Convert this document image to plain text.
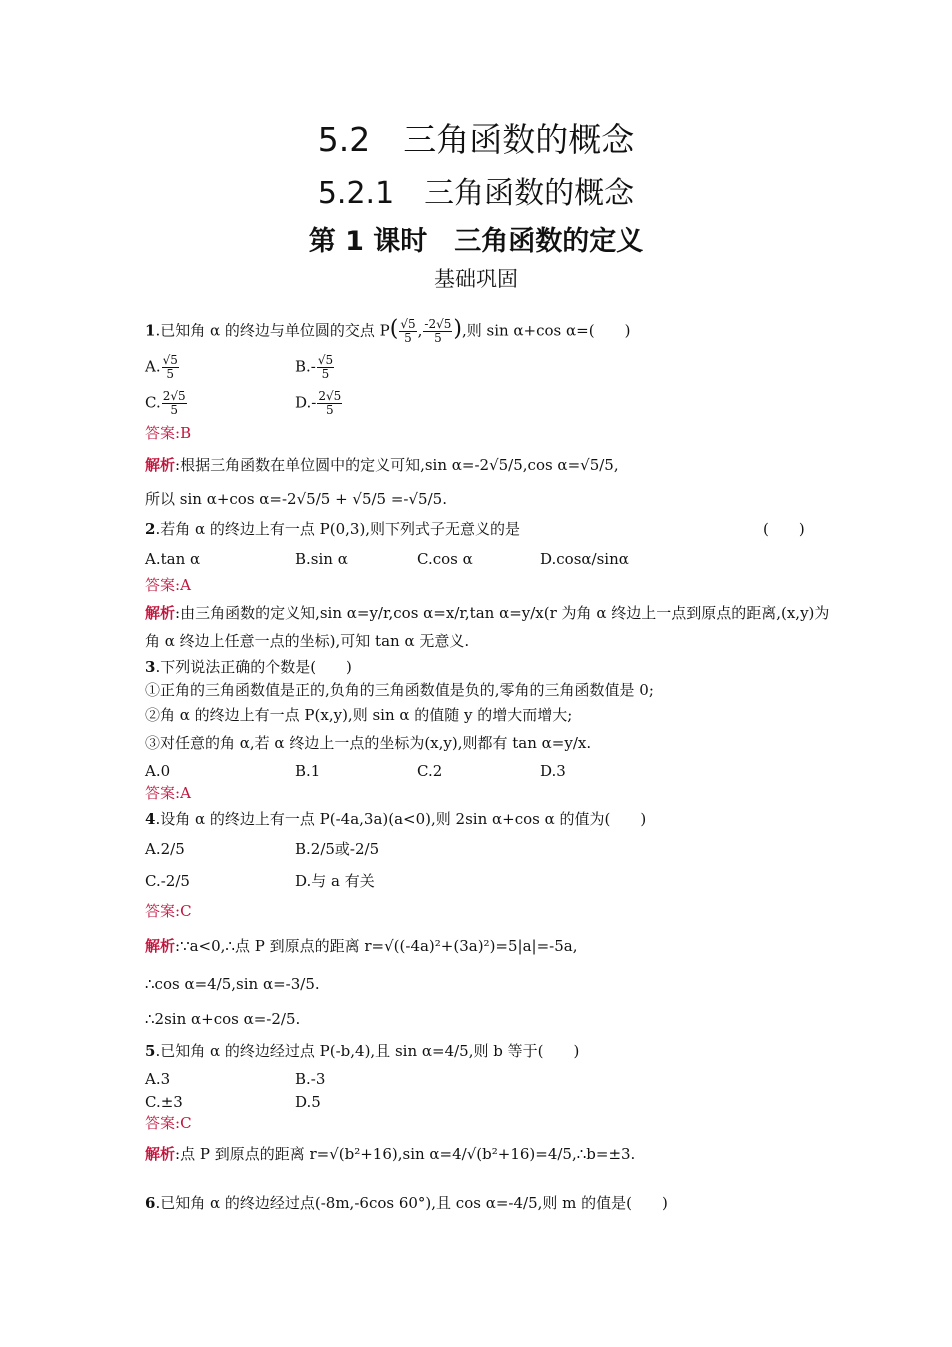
5.2　三角函数的概念
5.2.1　三角函数的概念
第 1 课时　三角函数的定义
基础巩固
1.已知角 α 的终边与单位圆的交点 $P( \frac{√5}{5}$ , $\frac{-2√5}{5}$ ),则 sin α+cos α=(　　)
A. $\frac{√5}{5}$	$B.- \frac{√5}{5}$
C. $\frac{2√5}{5}$	$D.- \frac{2√5}{5}$
答案:B
解析:根据三角函数在单位圆中的定义可知,sin α=-2√5/5,cos α=√5/5,
所以 sin α+cos α=-2√5/5 + √5/5 =-√5/5.
2.若角 α 的终边上有一点 P(0,3),则下列式子无意义的是	(　　)
A.tan α	B.sin α	C.cos α	D.cosα/sinα
答案:A
解析:由三角函数的定义知,sin α=y/r,cos α=x/r,tan α=y/x(r 为角 α 终边上一点到原点的距离,(x,y)为
角 α 终边上任意一点的坐标),可知 tan α 无意义.
3.下列说法正确的个数是(　　)
①正角的三角函数值是正的,负角的三角函数值是负的,零角的三角函数值是 0;
②角 α 的终边上有一点 P(x,y),则 sin α 的值随 y 的增大而增大;
③对任意的角 α,若 α 终边上一点的坐标为(x,y),则都有 tan α=y/x.
A.0	B.1	C.2	D.3
答案:A
4.设角 α 的终边上有一点 P(-4a,3a)(a<0),则 2sin α+cos α 的值为(　　)
A.2/5	B.2/5或-2/5
C.-2/5	D.与 a 有关
答案:C
解析:∵a<0,∴点 P 到原点的距离 r=√((-4a)²+(3a)²)=5|a|=-5a,
∴cos α=4/5,sin α=-3/5.
∴2sin α+cos α=-2/5.
5.已知角 α 的终边经过点 P(-b,4),且 sin α=4/5,则 b 等于(　　)
A.3	B.-3
C.±3	D.5
答案:C
解析:点 P 到原点的距离 r=√(b²+16),sin α=4/√(b²+16)=4/5,∴b=±3.
6.已知角 α 的终边经过点(-8m,-6cos 60°),且 cos α=-4/5,则 m 的值是(　　)
